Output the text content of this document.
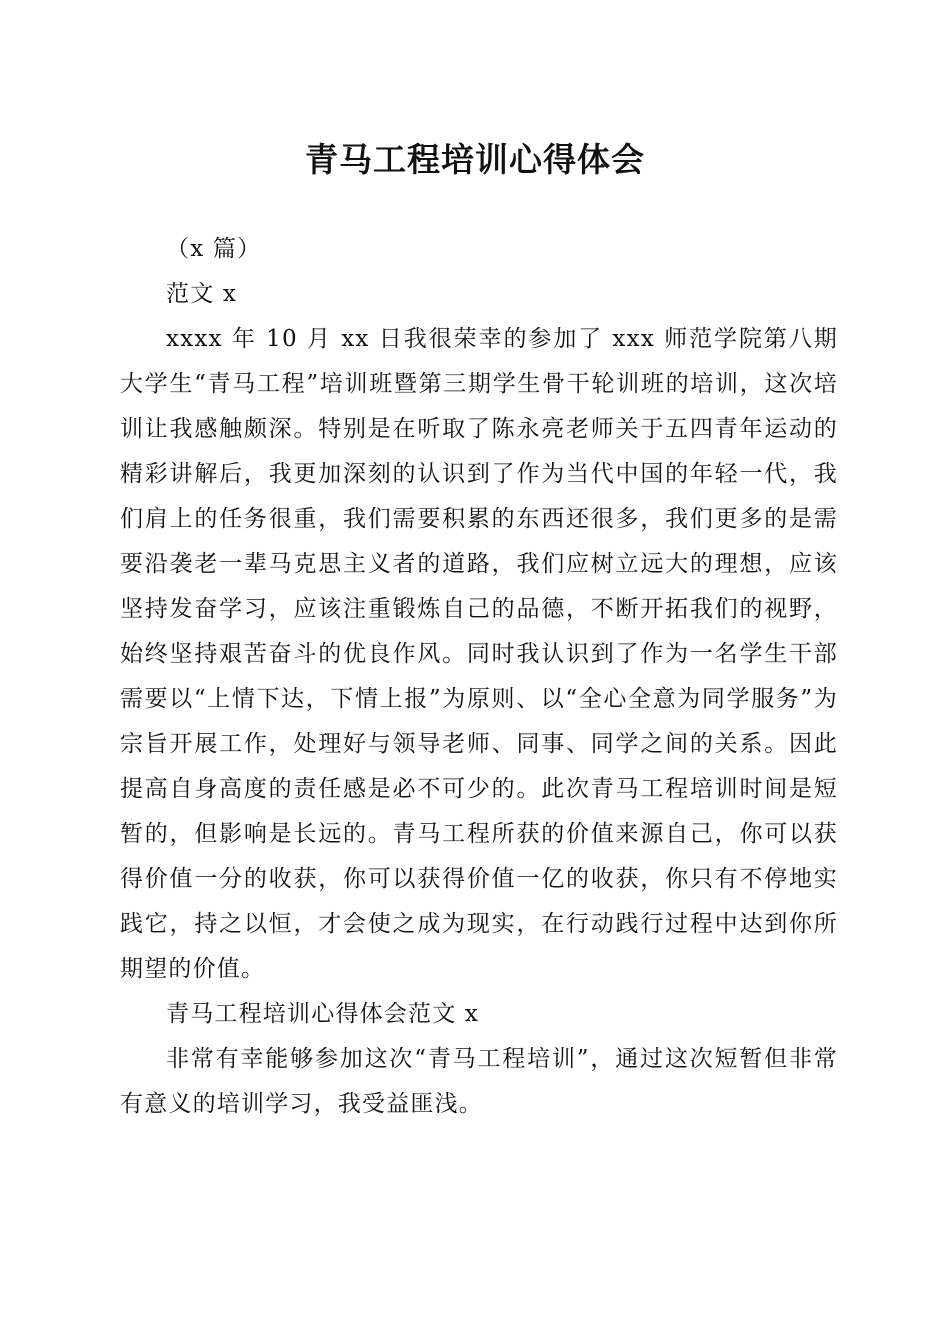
青马工程培训心得体会

（x 篇）

范文 x

xxxx 年 10 月 xx 日我很荣幸的参加了 xxx 师范学院第八期大学生“青马工程”培训班暨第三期学生骨干轮训班的培训，这次培训让我感触颇深。特别是在听取了陈永亮老师关于五四青年运动的精彩讲解后，我更加深刻的认识到了作为当代中国的年轻一代，我们肩上的任务很重，我们需要积累的东西还很多，我们更多的是需要沿袭老一辈马克思主义者的道路，我们应树立远大的理想，应该坚持发奋学习，应该注重锻炼自己的品德，不断开拓我们的视野，始终坚持艰苦奋斗的优良作风。同时我认识到了作为一名学生干部需要以“上情下达，下情上报”为原则、以“全心全意为同学服务”为宗旨开展工作，处理好与领导老师、同事、同学之间的关系。因此提高自身高度的责任感是必不可少的。此次青马工程培训时间是短暂的，但影响是长远的。青马工程所获的价值来源自己，你可以获得价值一分的收获，你可以获得价值一亿的收获，你只有不停地实践它，持之以恒，才会使之成为现实，在行动践行过程中达到你所期望的价值。

青马工程培训心得体会范文 x

非常有幸能够参加这次“青马工程培训”，通过这次短暂但非常有意义的培训学习，我受益匪浅。
